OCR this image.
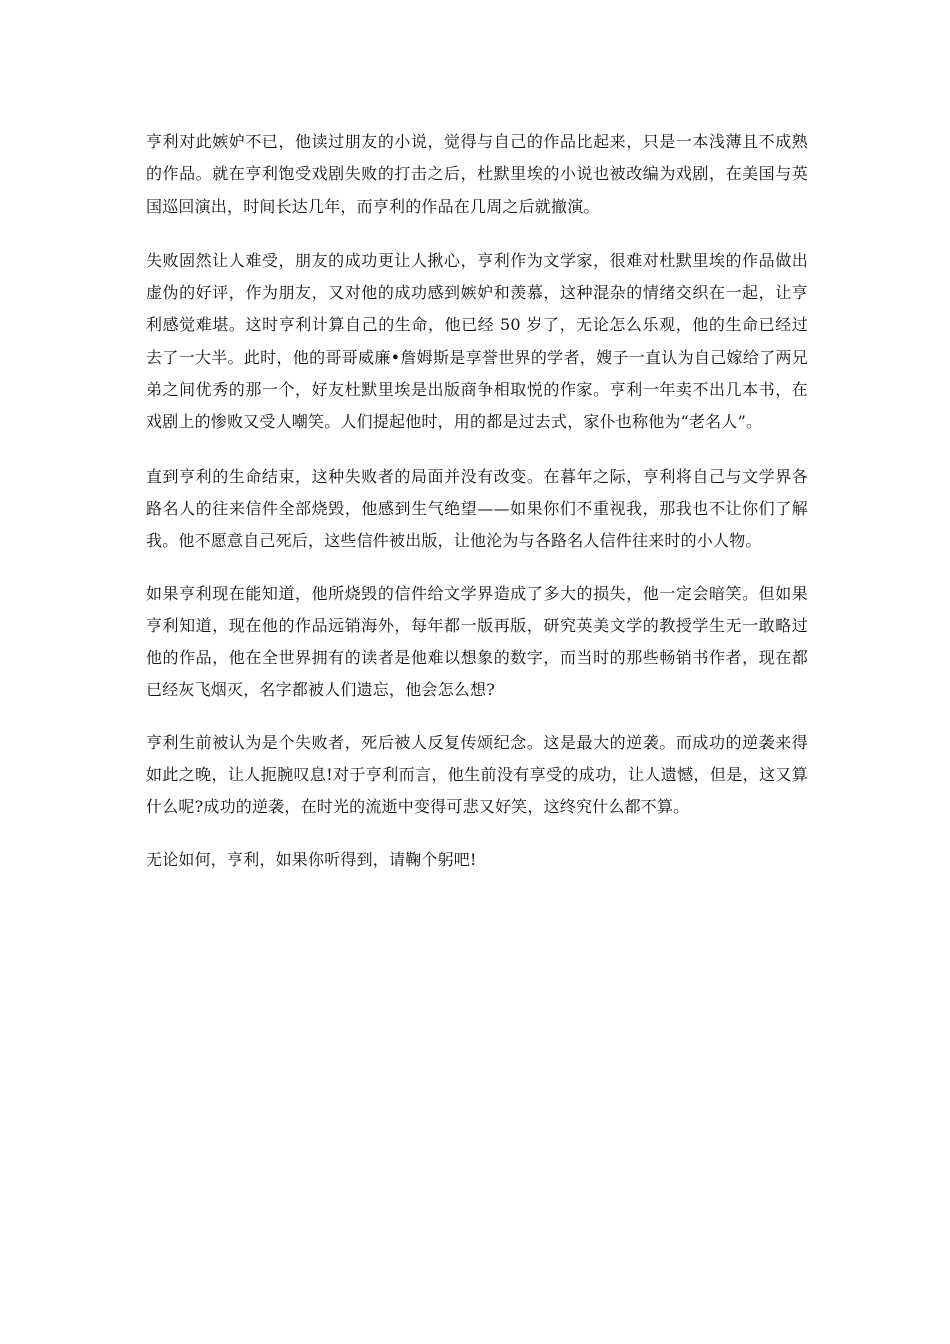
亨利对此嫉妒不已，他读过朋友的小说，觉得与自己的作品比起来，只是一本浅薄且不成熟的作品。就在亨利饱受戏剧失败的打击之后，杜默里埃的小说也被改编为戏剧，在美国与英国巡回演出，时间长达几年，而亨利的作品在几周之后就撤演。

失败固然让人难受，朋友的成功更让人揪心，亨利作为文学家，很难对杜默里埃的作品做出虚伪的好评，作为朋友，又对他的成功感到嫉妒和羡慕，这种混杂的情绪交织在一起，让亨利感觉难堪。这时亨利计算自己的生命，他已经 50 岁了，无论怎么乐观，他的生命已经过去了一大半。此时，他的哥哥威廉•詹姆斯是享誉世界的学者，嫂子一直认为自己嫁给了两兄弟之间优秀的那一个，好友杜默里埃是出版商争相取悦的作家。亨利一年卖不出几本书，在戏剧上的惨败又受人嘲笑。人们提起他时，用的都是过去式，家仆也称他为“老名人”。

直到亨利的生命结束，这种失败者的局面并没有改变。在暮年之际，亨利将自己与文学界各路名人的往来信件全部烧毁，他感到生气绝望——如果你们不重视我，那我也不让你们了解我。他不愿意自己死后，这些信件被出版，让他沦为与各路名人信件往来时的小人物。

如果亨利现在能知道，他所烧毁的信件给文学界造成了多大的损失，他一定会暗笑。但如果亨利知道，现在他的作品远销海外，每年都一版再版，研究英美文学的教授学生无一敢略过他的作品，他在全世界拥有的读者是他难以想象的数字，而当时的那些畅销书作者，现在都已经灰飞烟灭，名字都被人们遗忘，他会怎么想?

亨利生前被认为是个失败者，死后被人反复传颂纪念。这是最大的逆袭。而成功的逆袭来得如此之晚，让人扼腕叹息!对于亨利而言，他生前没有享受的成功，让人遗憾，但是，这又算什么呢?成功的逆袭，在时光的流逝中变得可悲又好笑，这终究什么都不算。

无论如何，亨利，如果你听得到，请鞠个躬吧!
